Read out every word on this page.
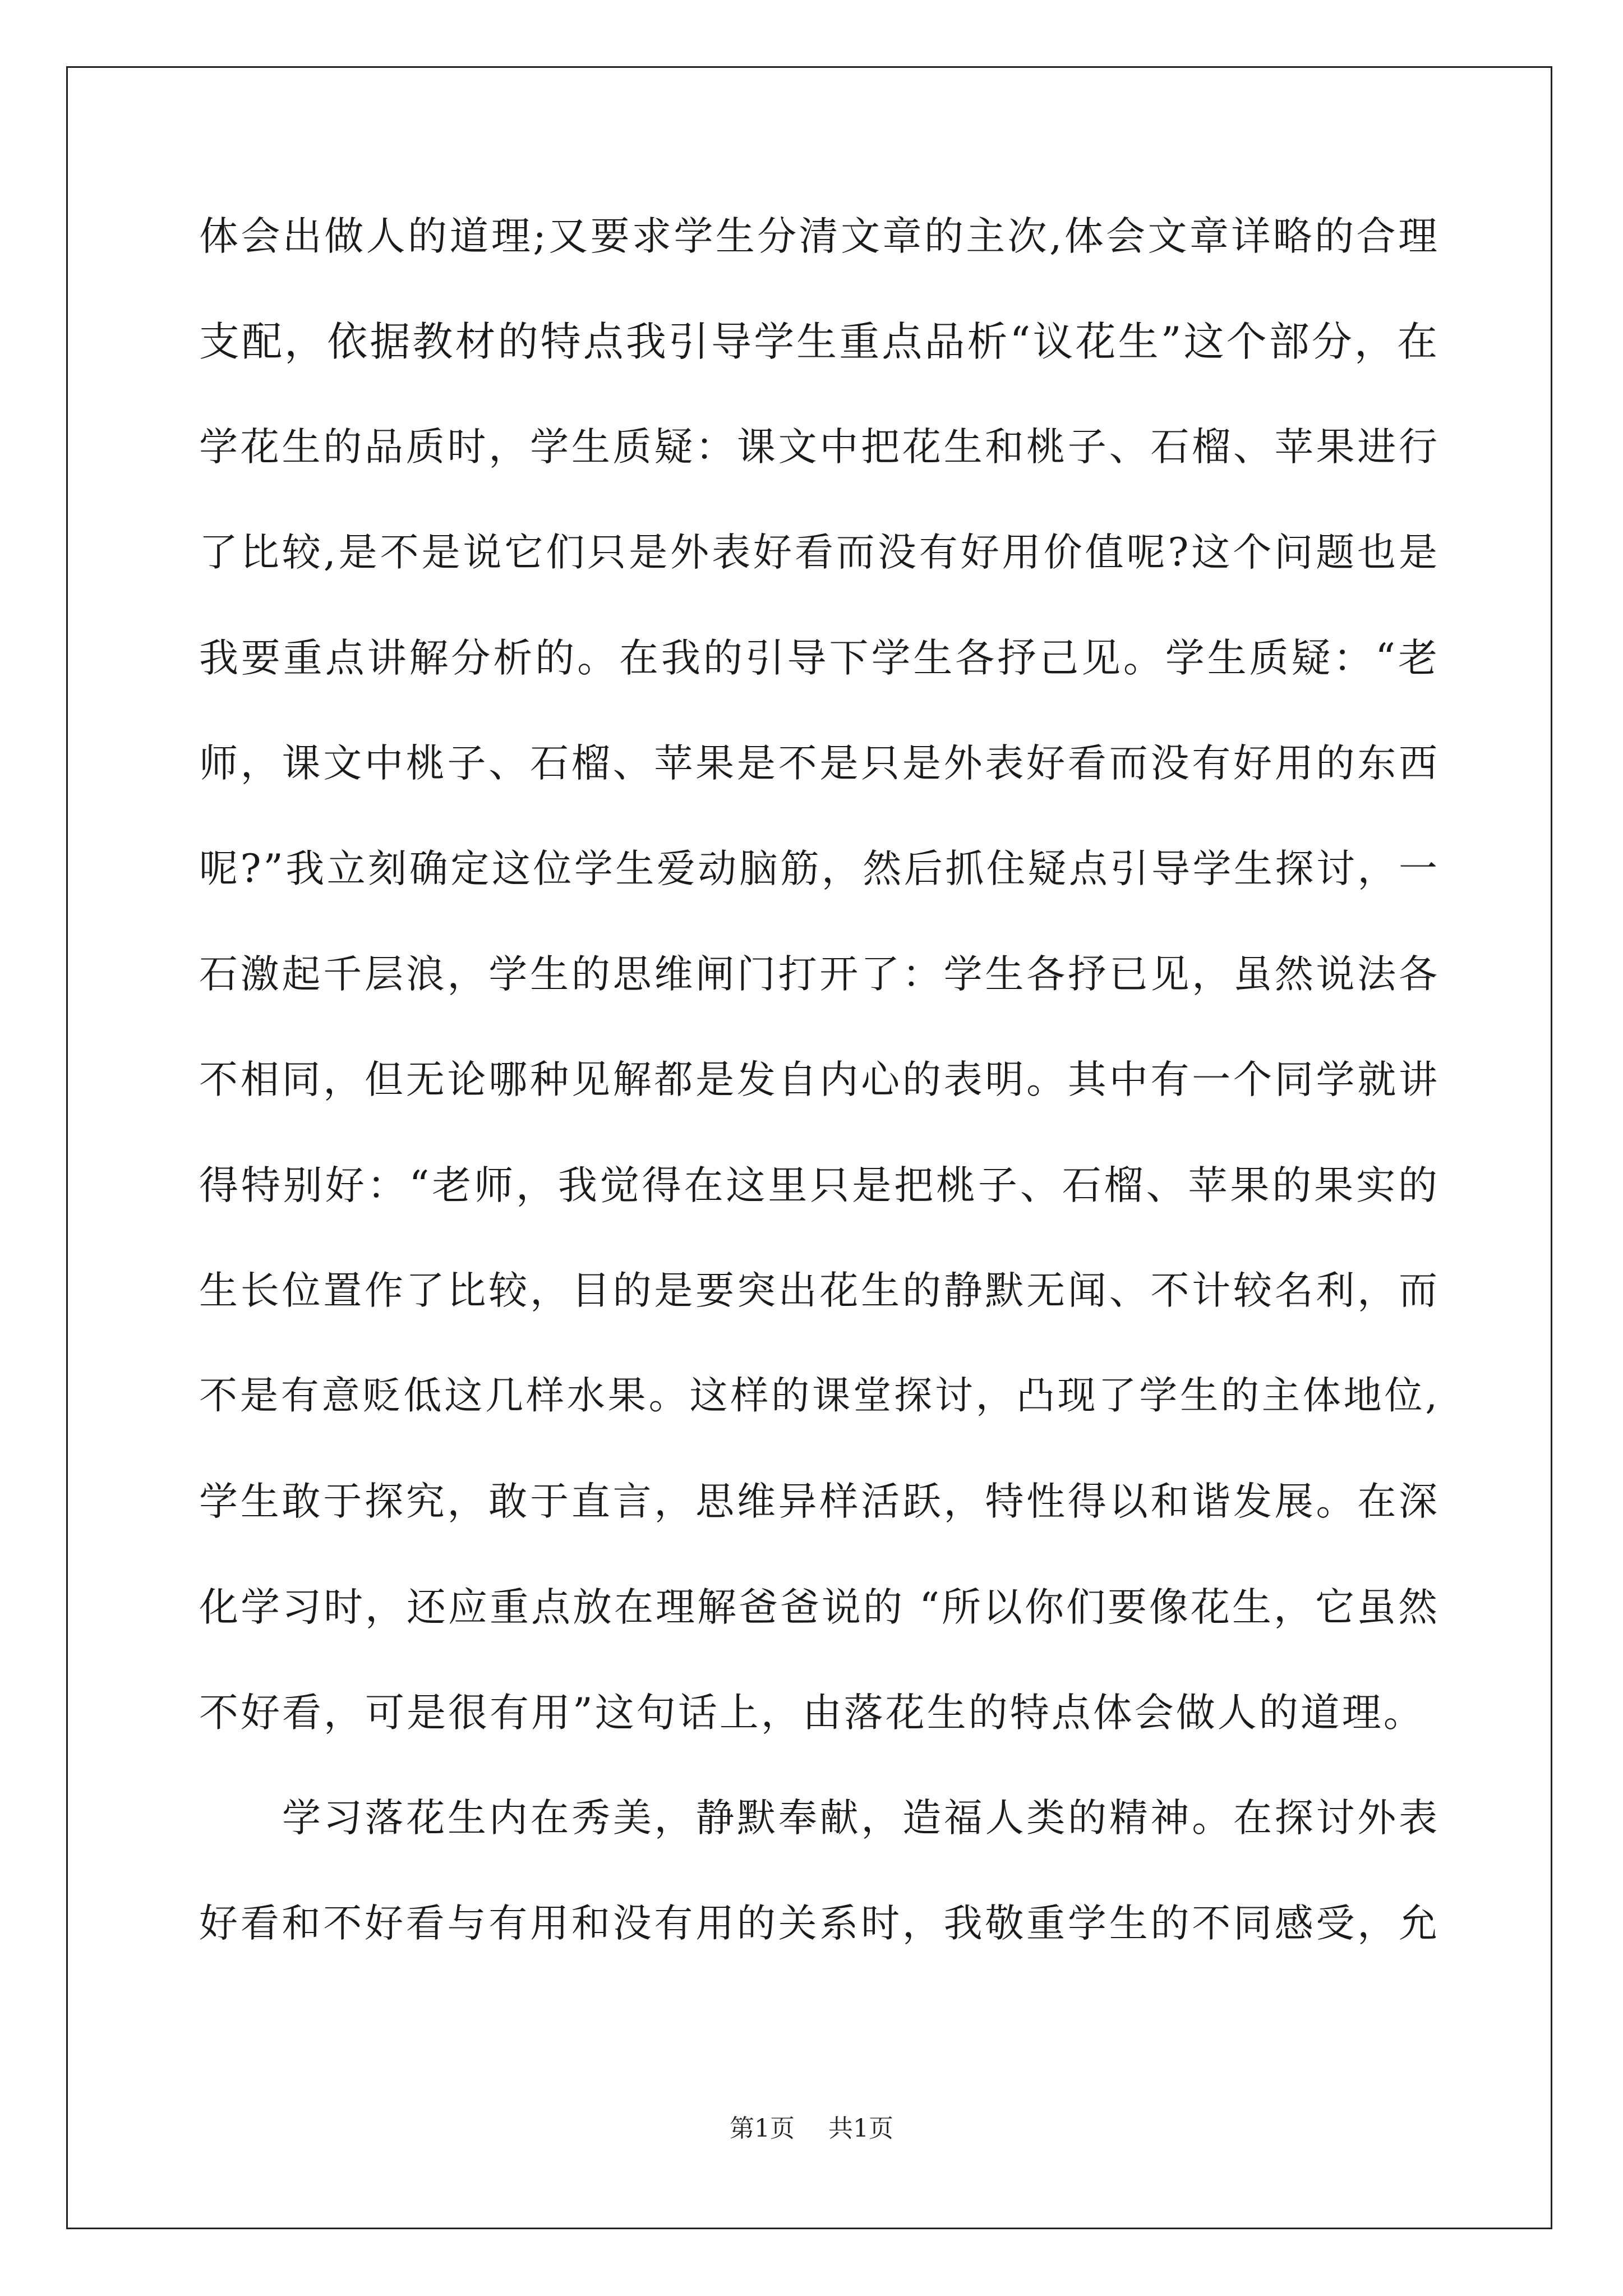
体会出做人的道理;又要求学生分清文章的主次,体会文章详略的合理
支配，依据教材的特点我引导学生重点品析“议花生”这个部分，在
学花生的品质时，学生质疑：课文中把花生和桃子、石榴、苹果进行
了比较,是不是说它们只是外表好看而没有好用价值呢?这个问题也是
我要重点讲解分析的。在我的引导下学生各抒己见。学生质疑：“老
师，课文中桃子、石榴、苹果是不是只是外表好看而没有好用的东西
呢?”我立刻确定这位学生爱动脑筋，然后抓住疑点引导学生探讨，一
石激起千层浪，学生的思维闸门打开了：学生各抒已见，虽然说法各
不相同，但无论哪种见解都是发自内心的表明。其中有一个同学就讲
得特别好：“老师，我觉得在这里只是把桃子、石榴、苹果的果实的
生长位置作了比较，目的是要突出花生的静默无闻、不计较名利，而
不是有意贬低这几样水果。这样的课堂探讨，凸现了学生的主体地位,
学生敢于探究，敢于直言，思维异样活跃，特性得以和谐发展。在深
化学习时，还应重点放在理解爸爸说的 “所以你们要像花生，它虽然
不好看，可是很有用”这句话上，由落花生的特点体会做人的道理。
学习落花生内在秀美，静默奉献，造福人类的精神。在探讨外表
好看和不好看与有用和没有用的关系时，我敬重学生的不同感受，允
第1页 共1页
